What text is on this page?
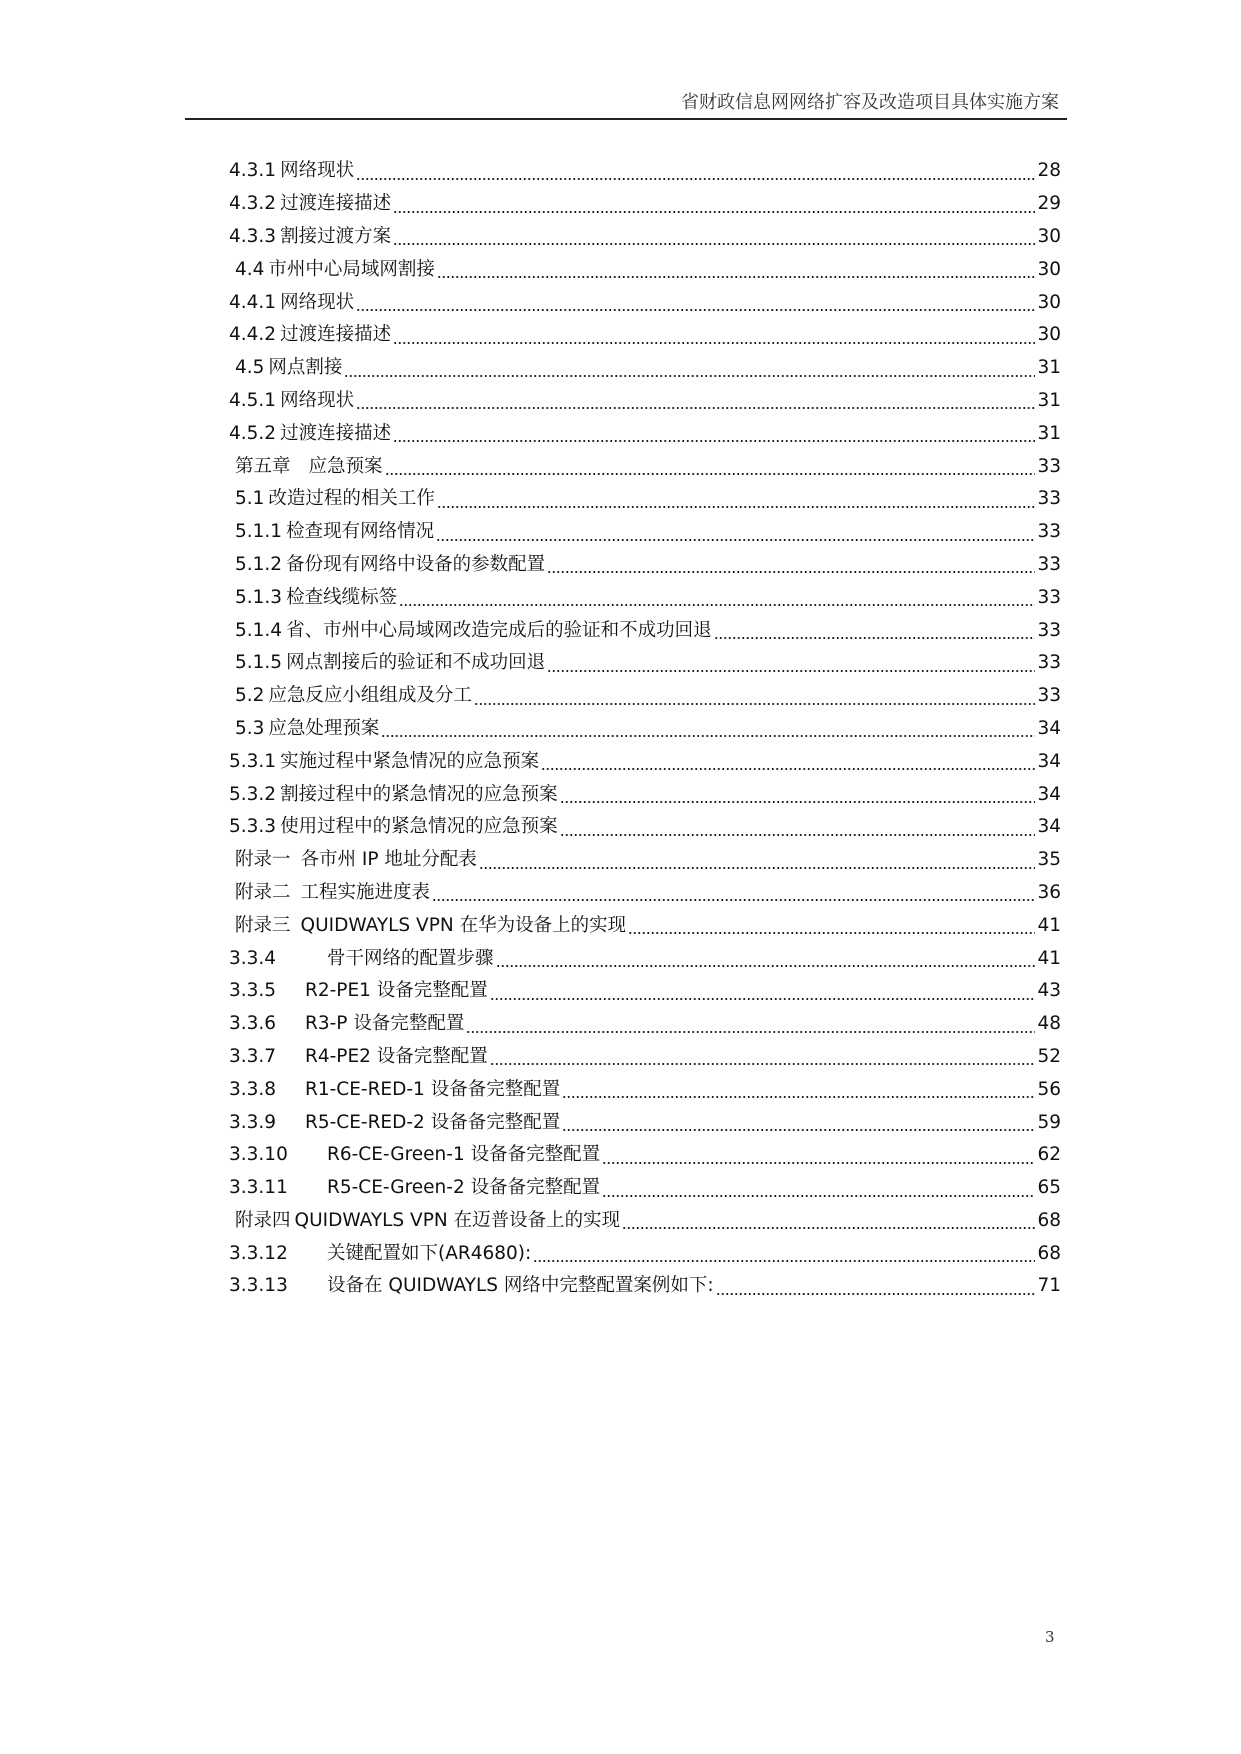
省财政信息网网络扩容及改造项目具体实施方案
4.3.1 网络现状	28
4.3.2 过渡连接描述	29
4.3.3 割接过渡方案	30
4.4 市州中心局域网割接	30
4.4.1 网络现状	30
4.4.2 过渡连接描述	30
4.5 网点割接	31
4.5.1 网络现状	31
4.5.2 过渡连接描述	31
第五章 应急预案	33
5.1 改造过程的相关工作	33
5.1.1 检查现有网络情况	33
5.1.2 备份现有网络中设备的参数配置	33
5.1.3 检查线缆标签	33
5.1.4 省、市州中心局域网改造完成后的验证和不成功回退	33
5.1.5 网点割接后的验证和不成功回退	33
5.2 应急反应小组组成及分工	33
5.3 应急处理预案	34
5.3.1 实施过程中紧急情况的应急预案	34
5.3.2 割接过程中的紧急情况的应急预案	34
5.3.3 使用过程中的紧急情况的应急预案	34
附录一 各市州 IP 地址分配表	35
附录二 工程实施进度表	36
附录三 QUIDWAYLS VPN 在华为设备上的实现	41
3.3.4	骨干网络的配置步骤	41
3.3.5	R2-PE1 设备完整配置	43
3.3.6	R3-P 设备完整配置	48
3.3.7	R4-PE2 设备完整配置	52
3.3.8	R1-CE-RED-1 设备备完整配置	56
3.3.9	R5-CE-RED-2 设备备完整配置	59
3.3.10	R6-CE-Green-1 设备备完整配置	62
3.3.11	R5-CE-Green-2 设备备完整配置	65
附录四 QUIDWAYLS VPN 在迈普设备上的实现	68
3.3.12	关键配置如下(AR4680):	68
3.3.13	设备在 QUIDWAYLS 网络中完整配置案例如下:	71
3
